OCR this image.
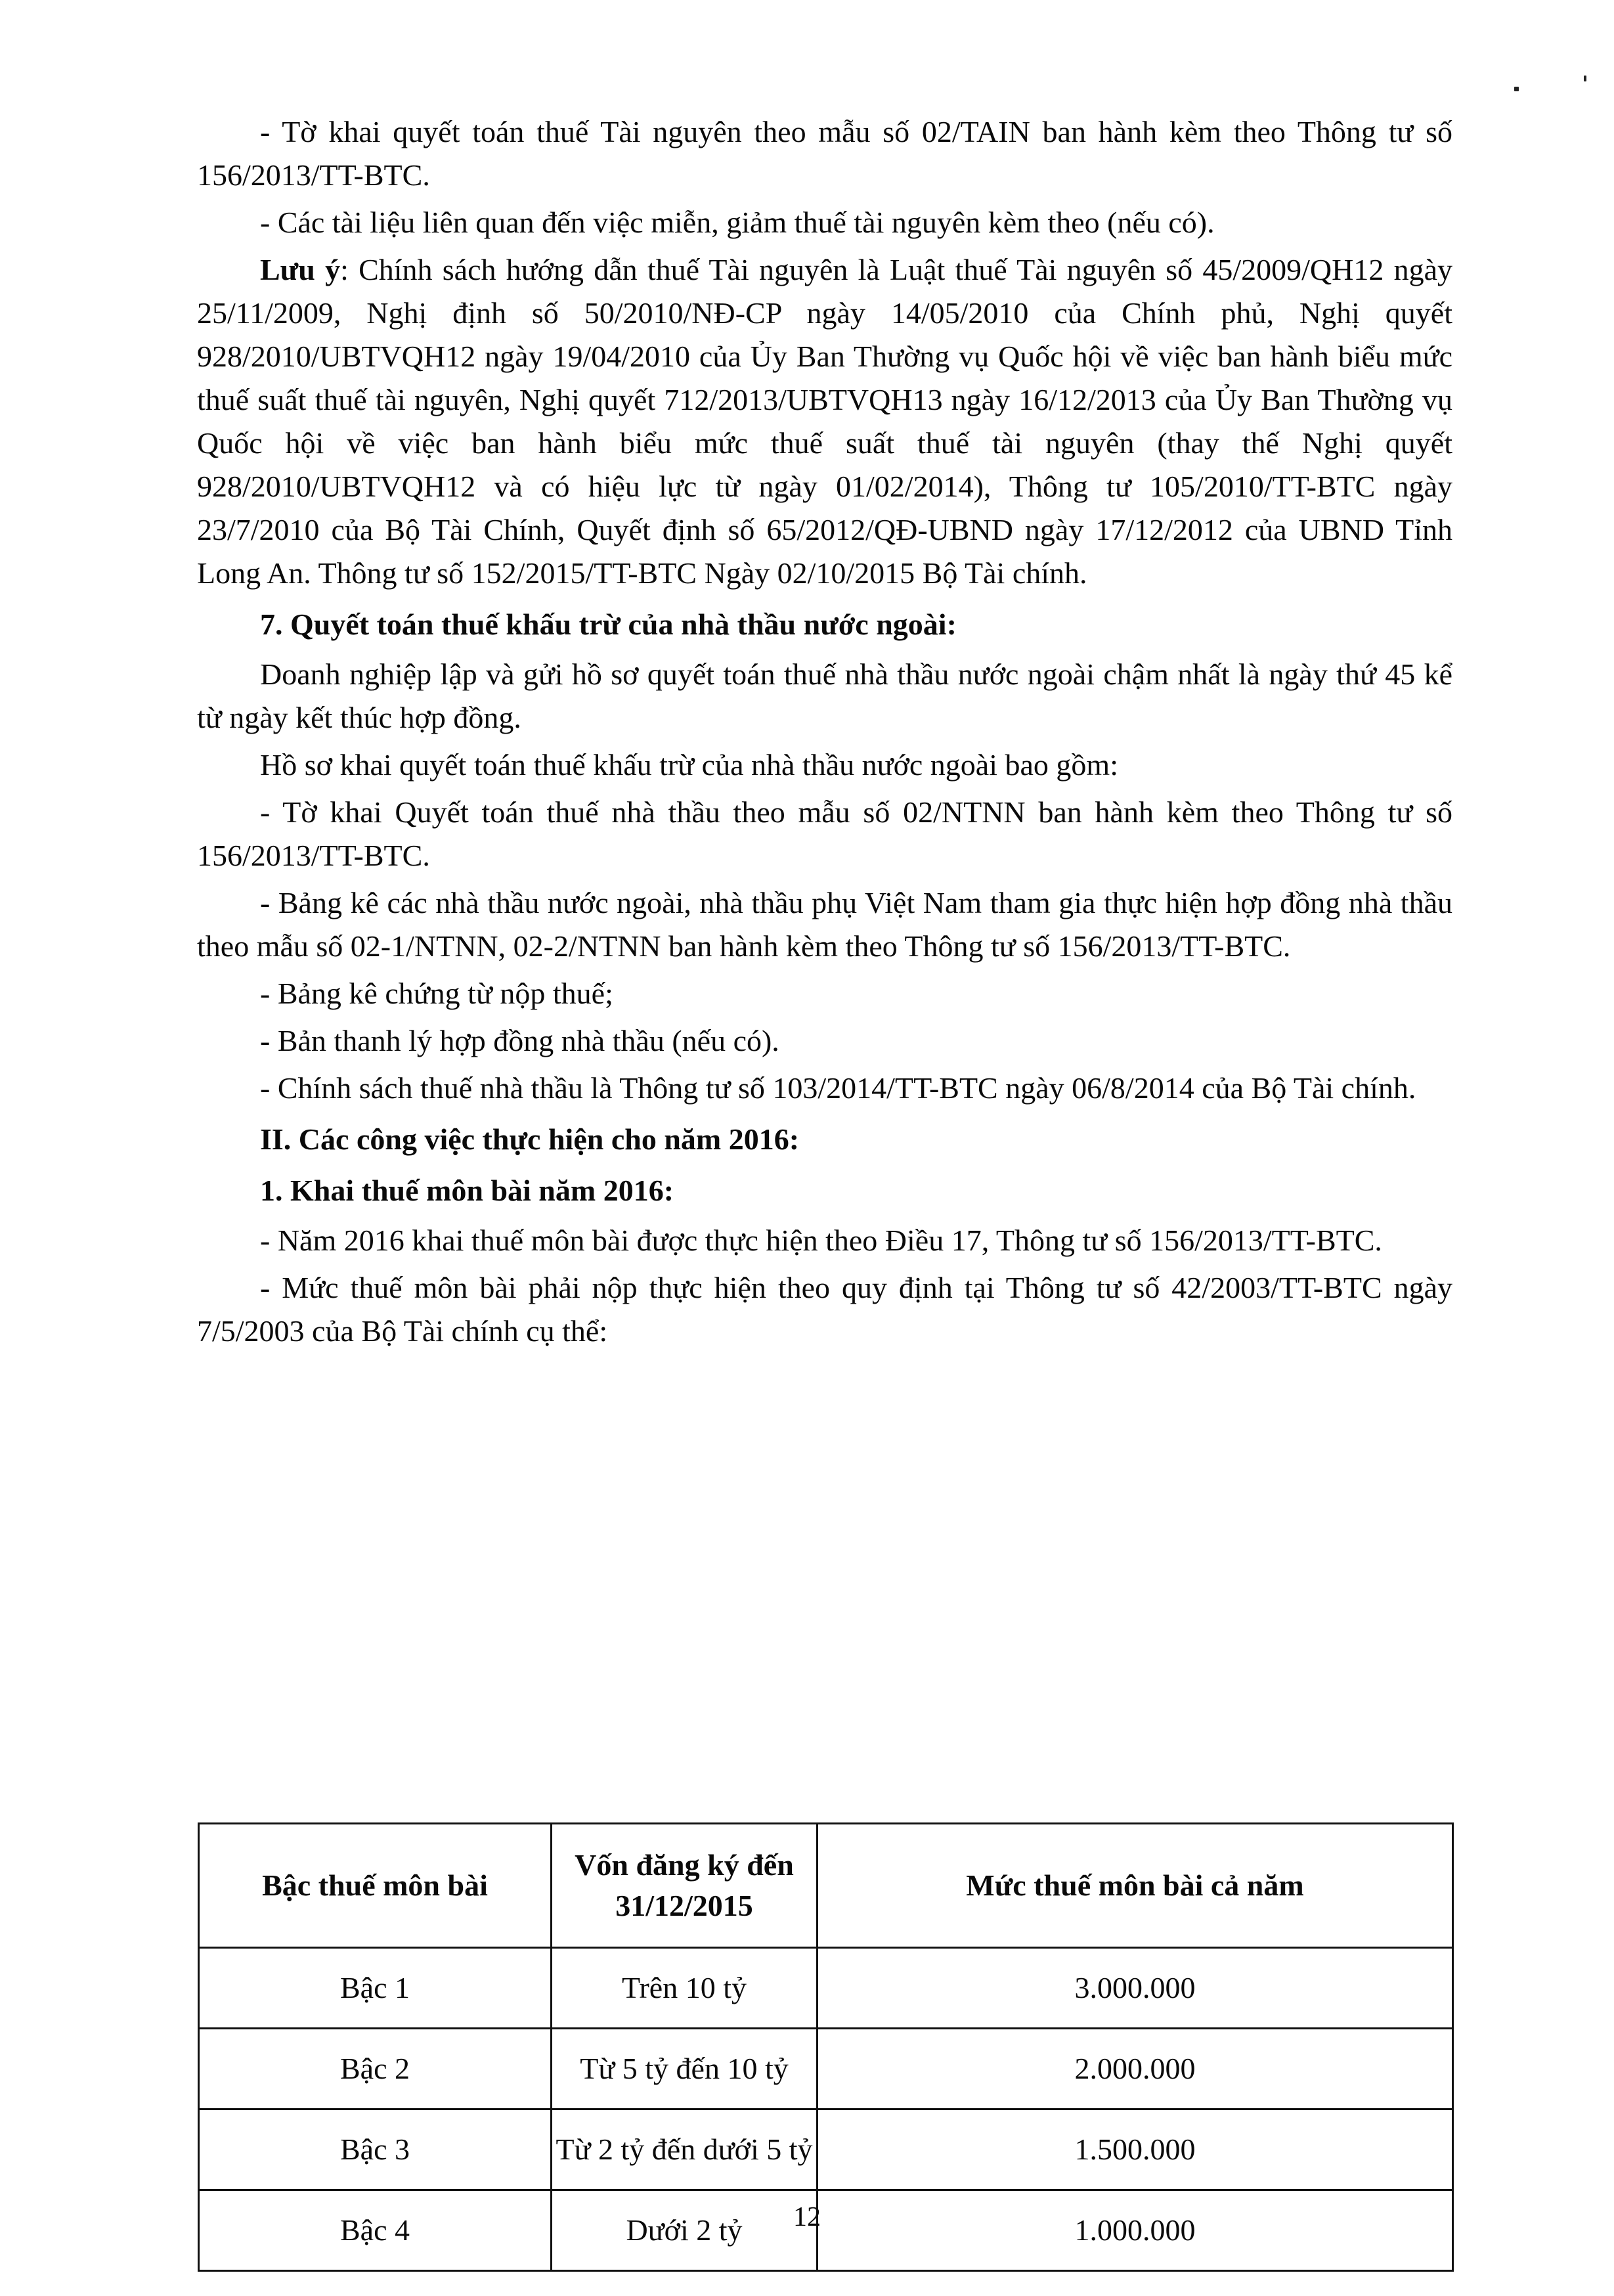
- Tờ khai quyết toán thuế Tài nguyên theo mẫu số 02/TAIN ban hành kèm theo Thông tư số 156/2013/TT-BTC.

- Các tài liệu liên quan đến việc miễn, giảm thuế tài nguyên kèm theo (nếu có).

Lưu ý: Chính sách hướng dẫn thuế Tài nguyên là Luật thuế Tài nguyên số 45/2009/QH12 ngày 25/11/2009, Nghị định số 50/2010/NĐ-CP ngày 14/05/2010 của Chính phủ, Nghị quyết 928/2010/UBTVQH12 ngày 19/04/2010 của Ủy Ban Thường vụ Quốc hội về việc ban hành biểu mức thuế suất thuế tài nguyên, Nghị quyết 712/2013/UBTVQH13 ngày 16/12/2013 của Ủy Ban Thường vụ Quốc hội về việc ban hành biểu mức thuế suất thuế tài nguyên (thay thế Nghị quyết 928/2010/UBTVQH12 và có hiệu lực từ ngày 01/02/2014), Thông tư 105/2010/TT-BTC ngày 23/7/2010 của Bộ Tài Chính, Quyết định số 65/2012/QĐ-UBND ngày 17/12/2012 của UBND Tỉnh Long An. Thông tư số 152/2015/TT-BTC Ngày 02/10/2015 Bộ Tài chính.

7. Quyết toán thuế khấu trừ của nhà thầu nước ngoài:

Doanh nghiệp lập và gửi hồ sơ quyết toán thuế nhà thầu nước ngoài chậm nhất là ngày thứ 45 kể từ ngày kết thúc hợp đồng.

Hồ sơ khai quyết toán thuế khấu trừ của nhà thầu nước ngoài bao gồm:

- Tờ khai Quyết toán thuế nhà thầu theo mẫu số 02/NTNN ban hành kèm theo Thông tư số 156/2013/TT-BTC.

- Bảng kê các nhà thầu nước ngoài, nhà thầu phụ Việt Nam tham gia thực hiện hợp đồng nhà thầu theo mẫu số 02-1/NTNN, 02-2/NTNN ban hành kèm theo Thông tư số 156/2013/TT-BTC.

- Bảng kê chứng từ nộp thuế;

- Bản thanh lý hợp đồng nhà thầu (nếu có).

- Chính sách thuế nhà thầu là Thông tư số 103/2014/TT-BTC ngày 06/8/2014 của Bộ Tài chính.

II. Các công việc thực hiện cho năm 2016:

1. Khai thuế môn bài năm 2016:

- Năm 2016 khai thuế môn bài được thực hiện theo Điều 17, Thông tư số 156/2013/TT-BTC.

- Mức thuế môn bài phải nộp thực hiện theo quy định tại Thông tư số 42/2003/TT-BTC ngày 7/5/2003 của Bộ Tài chính cụ thể:

Bậc thuế môn bài	Vốn đăng ký đến 31/12/2015	Mức thuế môn bài cả năm
Bậc 1	Trên 10 tỷ	3.000.000
Bậc 2	Từ 5 tỷ đến 10 tỷ	2.000.000
Bậc 3	Từ 2 tỷ đến dưới 5 tỷ	1.500.000
Bậc 4	Dưới 2 tỷ	1.000.000
12
